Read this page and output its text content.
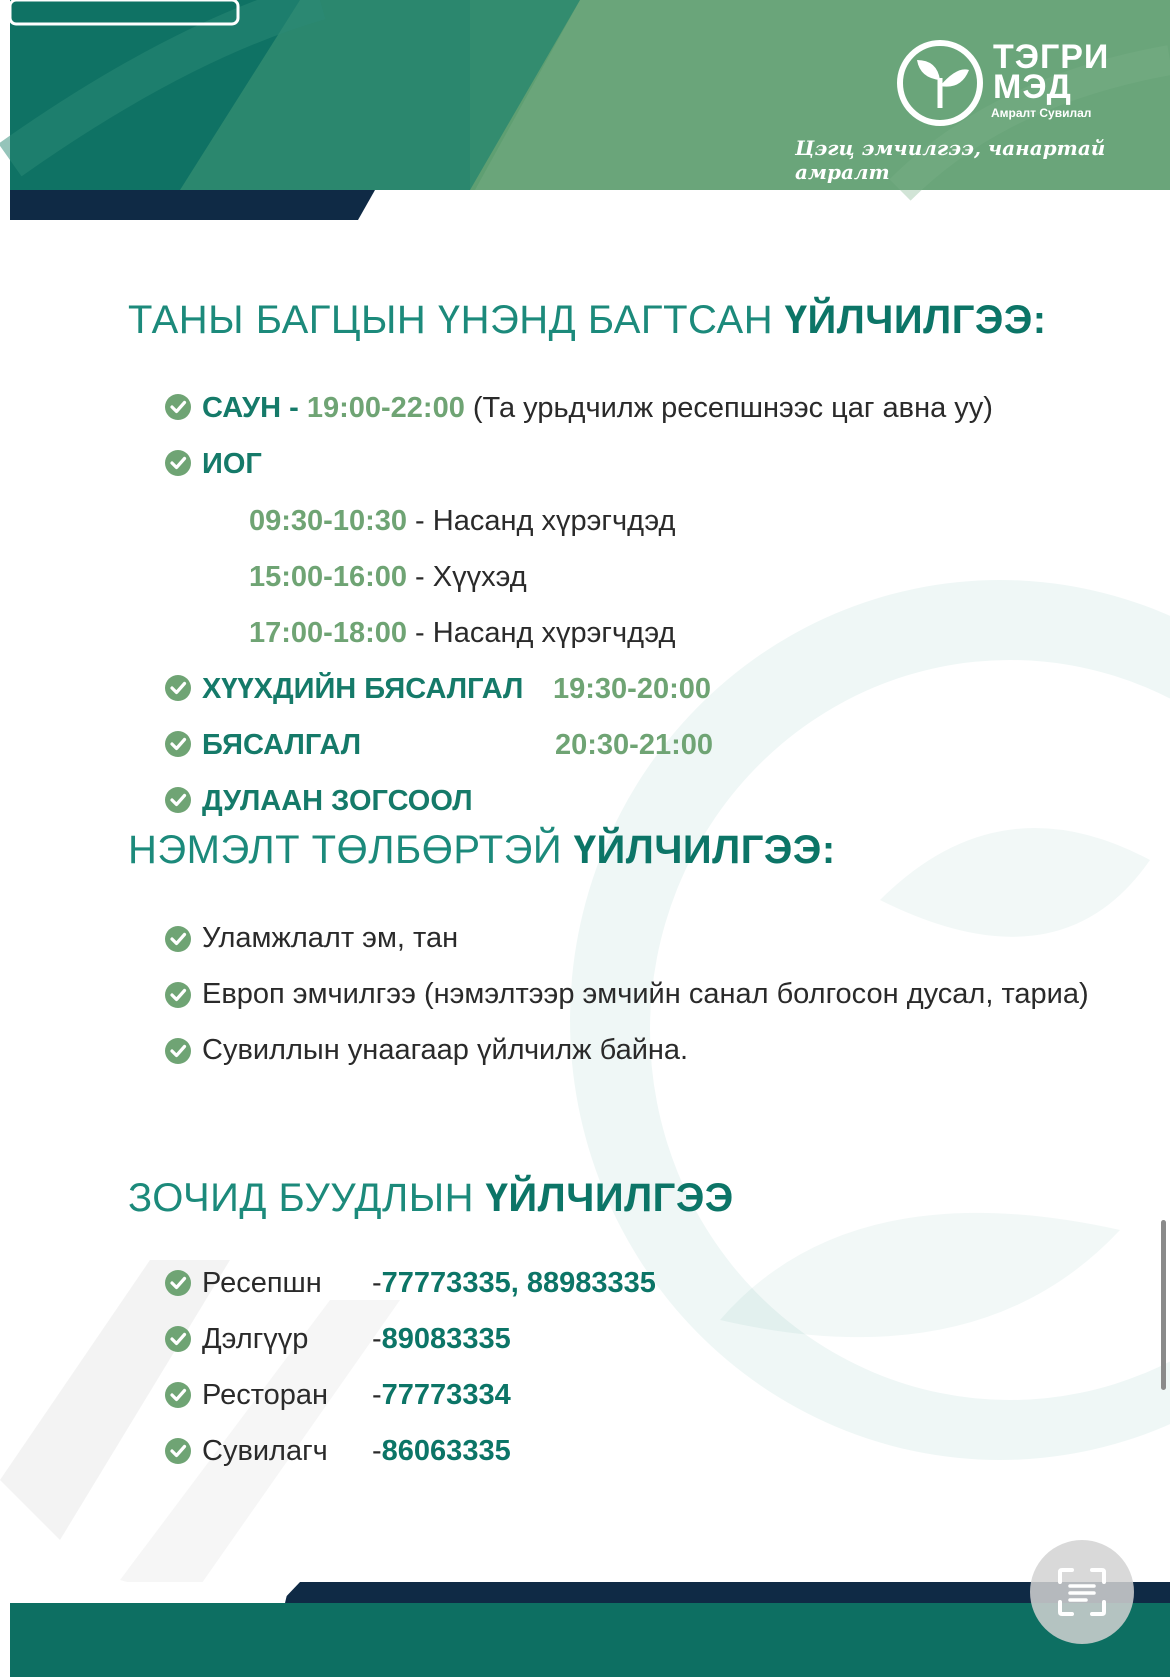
ТЭГРИ
МЭД
Амралт Сувилал
Цэгц эмчилгээ, чанартай амралт
ТАНЫ БАГЦЫН ҮНЭНД БАГТСАН ҮЙЛЧИЛГЭЭ:
САУН - 19:00-22:00 (Та урьдчилж ресепшнээс цаг авна уу)
ИОГ
09:30-10:30 - Насанд хүрэгчдэд
15:00-16:00 - Хүүхэд
17:00-18:00 - Насанд хүрэгчдэд
ХҮҮХДИЙН БЯСАЛГАЛ 19:30-20:00
БЯСАЛГАЛ	20:30-21:00
ДУЛААН ЗОГСООЛ
НЭМЭЛТ ТӨЛБӨРТЭЙ ҮЙЛЧИЛГЭЭ:
Уламжлалт эм, тан
Европ эмчилгээ (нэмэлтээр эмчийн санал болгосон дусал, тариа)
Сувиллын унаагаар үйлчилж байна.
ЗОЧИД БУУДЛЫН ҮЙЛЧИЛГЭЭ
Ресепшн -77773335, 88983335
Дэлгүүр -89083335
Ресторан -77773334
Сувилагч -86063335
